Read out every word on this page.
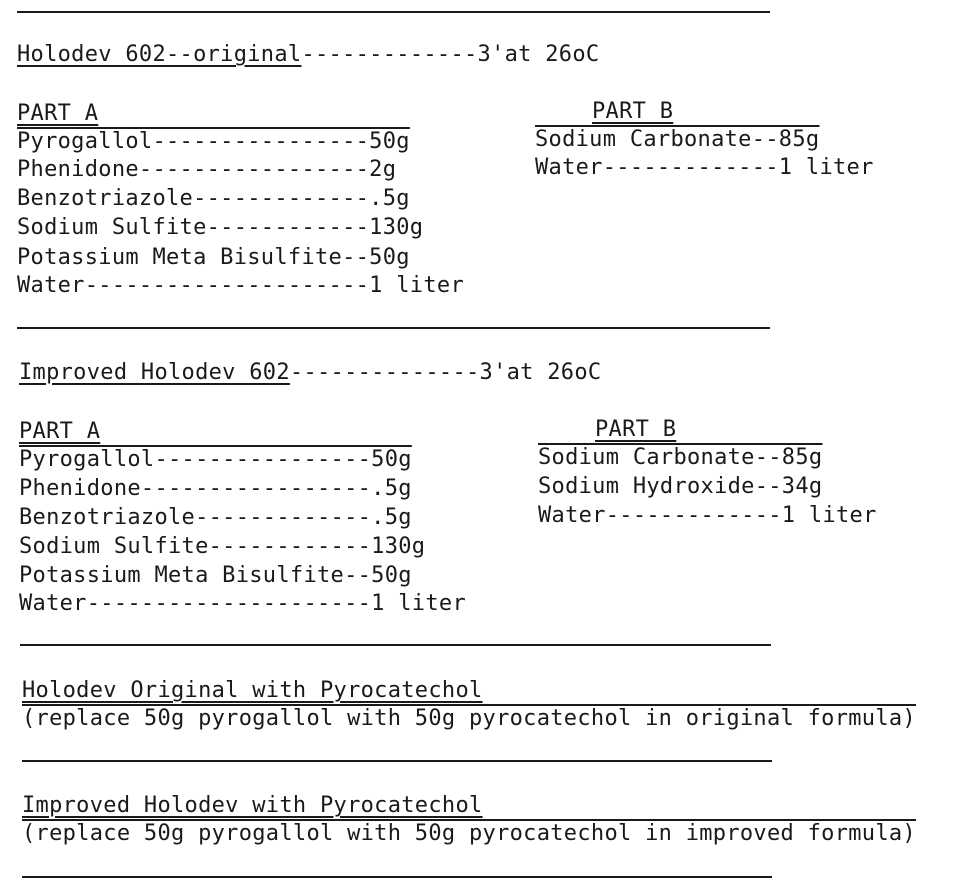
Holodev 602--original-------------3'at 26oC
PART A
Pyrogallol----------------50g
Phenidone-----------------2g
Benzotriazole-------------.5g
Sodium Sulfite------------130g
Potassium Meta Bisulfite--50g
Water---------------------1 liter
PART B
Sodium Carbonate--85g
Water-------------1 liter
Improved Holodev 602--------------3'at 26oC
PART A
Pyrogallol----------------50g
Phenidone-----------------.5g
Benzotriazole-------------.5g
Sodium Sulfite------------130g
Potassium Meta Bisulfite--50g
Water---------------------1 liter
PART B
Sodium Carbonate--85g
Sodium Hydroxide--34g
Water-------------1 liter
Holodev Original with Pyrocatechol
(replace 50g pyrogallol with 50g pyrocatechol in original formula)
Improved Holodev with Pyrocatechol
(replace 50g pyrogallol with 50g pyrocatechol in improved formula)
